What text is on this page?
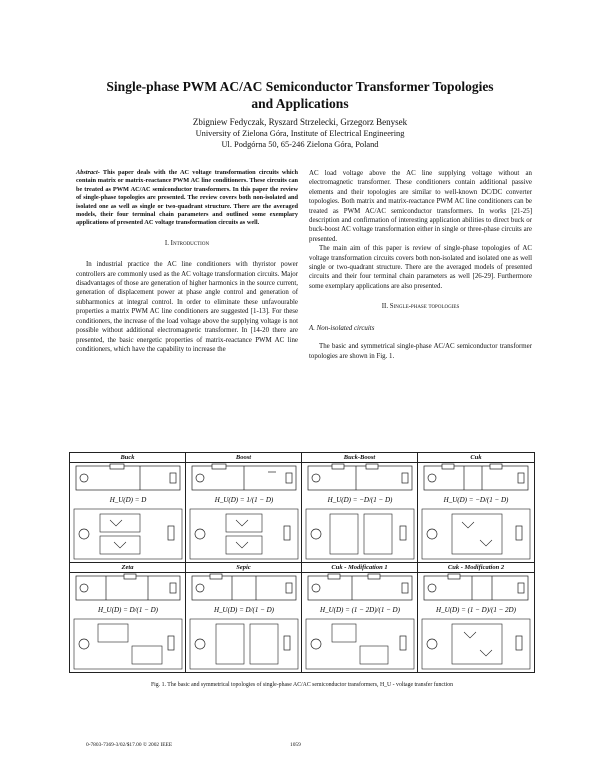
Single-phase PWM AC/AC Semiconductor Transformer Topologies
and Applications
Zbigniew Fedyczak, Ryszard Strzelecki, Grzegorz Benysek
University of Zielona Góra, Institute of Electrical Engineering
Ul. Podgórna 50, 65-246 Zielona Góra, Poland

Abstract- This paper deals with the AC voltage transformation circuits which contain matrix or matrix-reactance PWM AC line conditioners. These circuits can be treated as PWM AC/AC semiconductor transformers. In this paper the review of single-phase topologies are presented. The review covers both non-isolated and isolated one as well as single or two-quadrant structure. There are the averaged models, their four terminal chain parameters and outlined some exemplary applications of presented AC voltage transformation circuits as well.

I. Introduction

In industrial practice the AC line conditioners with thyristor power controllers are commonly used as the AC voltage transformation circuits. Major disadvantages of those are generation of higher harmonics in the source current, generation of displacement power at phase angle control and generation of subharmonics at integral control. In order to eliminate these unfavourable properties a matrix PWM AC line conditioners are suggested [1-13]. For these conditioners, the increase of the load voltage above the supplying voltage is not possible without additional electromagnetic transformer. In [14-20 there are presented, the basic energetic properties of matrix-reactance PWM AC line conditioners, which have the capability to increase the

AC load voltage above the AC line supplying voltage without an electromagnetic transformer. These conditioners contain additional passive elements and their topologies are similar to well-known DC/DC converter topologies. Both matrix and matrix-reactance PWM AC line conditioners can be treated as PWM AC/AC semiconductor transformers. In works [21-25] description and confirmation of interesting application abilities to direct buck or buck-boost AC voltage transformation either in single or three-phase circuits are presented.

The main aim of this paper is review of single-phase topologies of AC voltage transformation circuits covers both non-isolated and isolated one as well single or two-quadrant structure. There are the averaged models of presented circuits and their four terminal chain parameters as well [26-29]. Furthermore some exemplary applications are also presented.

II. Single-phase topologies

A. Non-isolated circuits

The basic and symmetrical single-phase AC/AC semiconductor transformer topologies are shown in Fig. 1.

Buck
H_U(D) = D
Boost
H_U(D) = 1/(1 − D)
Buck-Boost
H_U(D) = −D/(1 − D)
Cuk
H_U(D) = −D/(1 − D)
Zeta
H_U(D) = D/(1 − D)
Sepic
H_U(D) = D/(1 − D)
Cuk - Modification 1
H_U(D) = (1 − 2D)/(1 − D)
Cuk - Modification 2
H_U(D) = (1 − D)/(1 − 2D)
Fig. 1. The basic and symmetrical topologies of single-phase AC/AC semiconductor transformers, H_U - voltage transfer function
0-7803-7369-3/02/$17.00 © 2002 IEEE	1059
